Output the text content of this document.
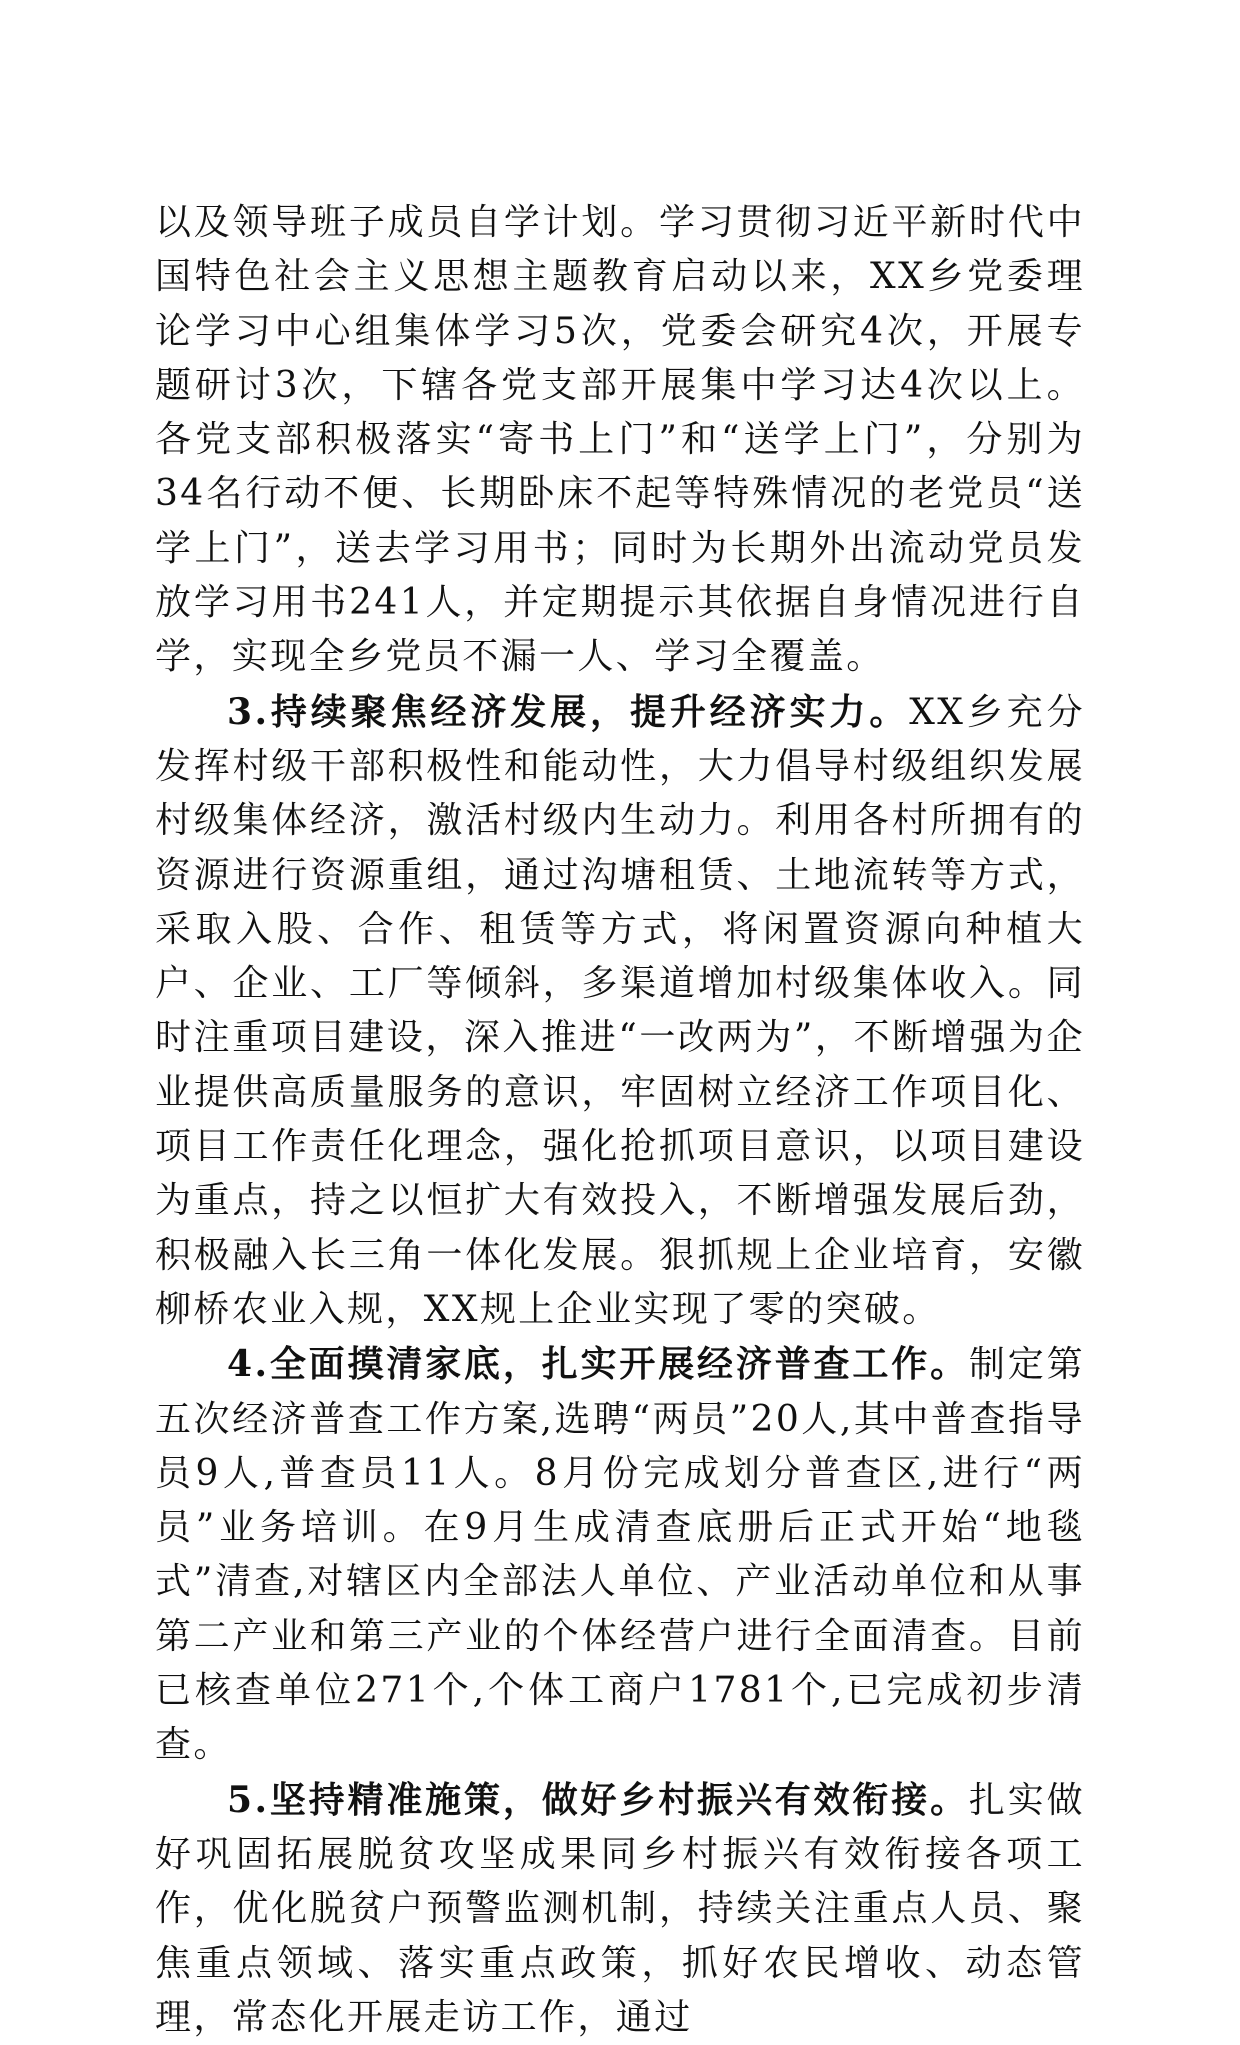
以及领导班子成员自学计划。学习贯彻习近平新时代中国特色社会主义思想主题教育启动以来，XX乡党委理论学习中心组集体学习5次，党委会研究4次，开展专题研讨3次，下辖各党支部开展集中学习达4次以上。各党支部积极落实“寄书上门”和“送学上门”，分别为34名行动不便、长期卧床不起等特殊情况的老党员“送学上门”，送去学习用书；同时为长期外出流动党员发放学习用书241人，并定期提示其依据自身情况进行自学，实现全乡党员不漏一人、学习全覆盖。

3.持续聚焦经济发展，提升经济实力。XX乡充分发挥村级干部积极性和能动性，大力倡导村级组织发展村级集体经济，激活村级内生动力。利用各村所拥有的资源进行资源重组，通过沟塘租赁、土地流转等方式，采取入股、合作、租赁等方式，将闲置资源向种植大户、企业、工厂等倾斜，多渠道增加村级集体收入。同时注重项目建设，深入推进“一改两为”，不断增强为企业提供高质量服务的意识，牢固树立经济工作项目化、项目工作责任化理念，强化抢抓项目意识，以项目建设为重点，持之以恒扩大有效投入，不断增强发展后劲，积极融入长三角一体化发展。狠抓规上企业培育，安徽柳桥农业入规，XX规上企业实现了零的突破。

4.全面摸清家底，扎实开展经济普查工作。制定第五次经济普查工作方案,选聘“两员”20人,其中普查指导员9人,普查员11人。8月份完成划分普查区,进行“两员”业务培训。在9月生成清查底册后正式开始“地毯式”清查,对辖区内全部法人单位、产业活动单位和从事第二产业和第三产业的个体经营户进行全面清查。目前已核查单位271个,个体工商户1781个,已完成初步清查。

5.坚持精准施策，做好乡村振兴有效衔接。扎实做好巩固拓展脱贫攻坚成果同乡村振兴有效衔接各项工作，优化脱贫户预警监测机制，持续关注重点人员、聚焦重点领域、落实重点政策，抓好农民增收、动态管理，常态化开展走访工作，通过
